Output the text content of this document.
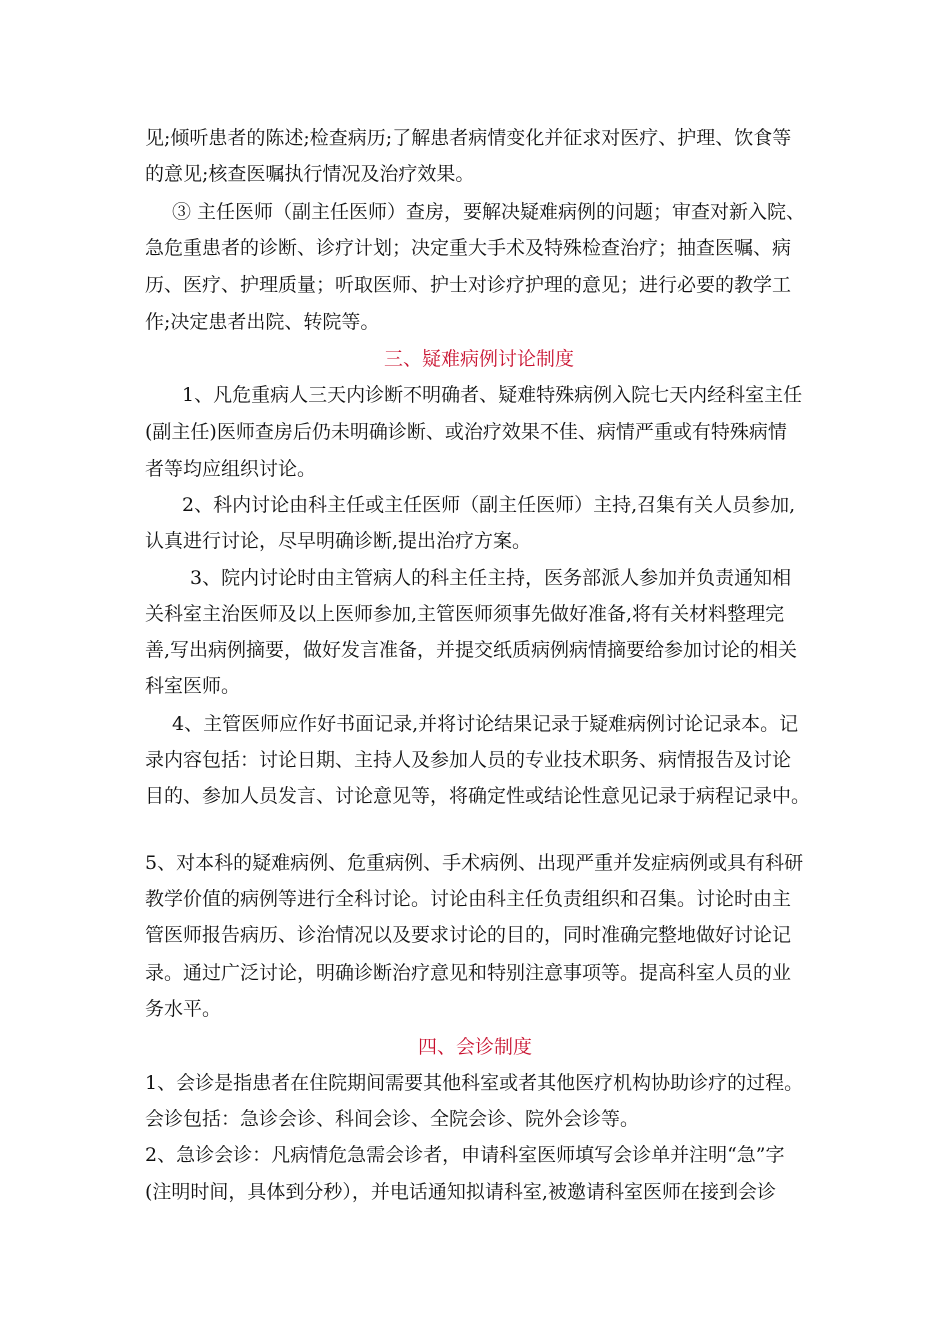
见;倾听患者的陈述;检查病历;了解患者病情变化并征求对医疗、护理、饮食等
的意见;核查医嘱执行情况及治疗效果。
③ 主任医师（副主任医师）查房，要解决疑难病例的问题；审查对新入院、
急危重患者的诊断、诊疗计划；决定重大手术及特殊检查治疗；抽查医嘱、病
历、医疗、护理质量；听取医师、护士对诊疗护理的意见；进行必要的教学工
作;决定患者出院、转院等。
三、疑难病例讨论制度
1、凡危重病人三天内诊断不明确者、疑难特殊病例入院七天内经科室主任
(副主任)医师查房后仍未明确诊断、或治疗效果不佳、病情严重或有特殊病情
者等均应组织讨论。
2、科内讨论由科主任或主任医师（副主任医师）主持,召集有关人员参加,
认真进行讨论，尽早明确诊断,提出治疗方案。
3、院内讨论时由主管病人的科主任主持，医务部派人参加并负责通知相
关科室主治医师及以上医师参加,主管医师须事先做好准备,将有关材料整理完
善,写出病例摘要，做好发言准备，并提交纸质病例病情摘要给参加讨论的相关
科室医师。
4、主管医师应作好书面记录,并将讨论结果记录于疑难病例讨论记录本。记
录内容包括：讨论日期、主持人及参加人员的专业技术职务、病情报告及讨论
目的、参加人员发言、讨论意见等，将确定性或结论性意见记录于病程记录中。
5、对本科的疑难病例、危重病例、手术病例、出现严重并发症病例或具有科研
教学价值的病例等进行全科讨论。讨论由科主任负责组织和召集。讨论时由主
管医师报告病历、诊治情况以及要求讨论的目的，同时准确完整地做好讨论记
录。通过广泛讨论，明确诊断治疗意见和特别注意事项等。提高科室人员的业
务水平。
四、会诊制度
1、会诊是指患者在住院期间需要其他科室或者其他医疗机构协助诊疗的过程。
会诊包括：急诊会诊、科间会诊、全院会诊、院外会诊等。
2、急诊会诊：凡病情危急需会诊者，申请科室医师填写会诊单并注明“急”字
(注明时间，具体到分秒），并电话通知拟请科室,被邀请科室医师在接到会诊
